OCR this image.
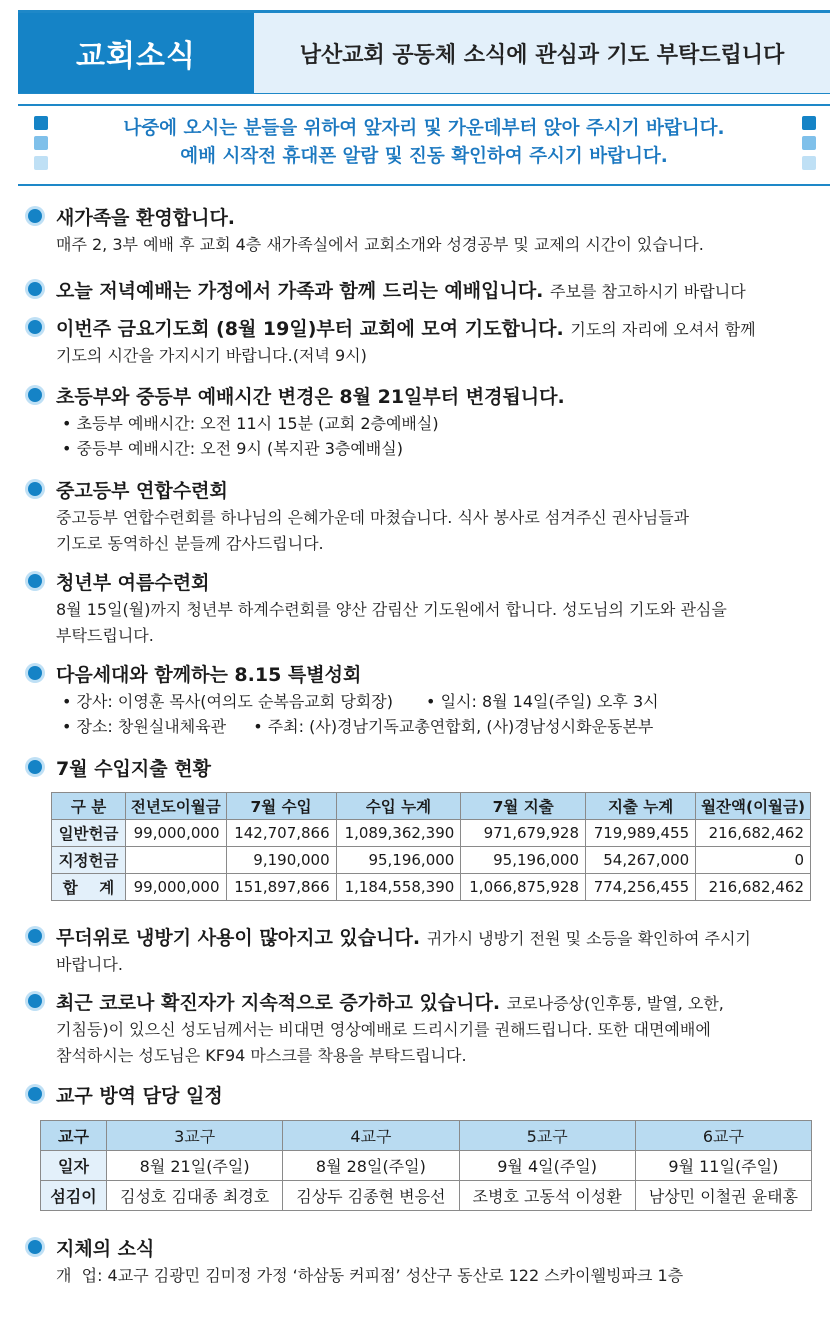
교회소식	남산교회 공동체 소식에 관심과 기도 부탁드립니다
나중에 오시는 분들을 위하여 앞자리 및 가운데부터 앉아 주시기 바랍니다.
예배 시작전 휴대폰 알람 및 진동 확인하여 주시기 바랍니다.
새가족을 환영합니다.
매주 2, 3부 예배 후 교회 4층 새가족실에서 교회소개와 성경공부 및 교제의 시간이 있습니다.
오늘 저녁예배는 가정에서 가족과 함께 드리는 예배입니다. 주보를 참고하시기 바랍니다
이번주 금요기도회 (8월 19일)부터 교회에 모여 기도합니다. 기도의 자리에 오셔서 함께
기도의 시간을 가지시기 바랍니다.(저녁 9시)
초등부와 중등부 예배시간 변경은 8월 21일부터 변경됩니다.
• 초등부 예배시간: 오전 11시 15분 (교회 2층예배실)
• 중등부 예배시간: 오전 9시 (복지관 3층예배실)
중고등부 연합수련회
중고등부 연합수련회를 하나님의 은혜가운데 마쳤습니다. 식사 봉사로 섬겨주신 권사님들과
기도로 동역하신 분들께 감사드립니다.
청년부 여름수련회
8월 15일(월)까지 청년부 하계수련회를 양산 감림산 기도원에서 합니다. 성도님의 기도와 관심을
부탁드립니다.
다음세대와 함께하는 8.15 특별성회
• 강사: 이영훈 목사(여의도 순복음교회 당회장) • 일시: 8월 14일(주일) 오후 3시
• 장소: 창원실내체육관 • 주최: (사)경남기독교총연합회, (사)경남성시화운동본부
7월 수입지출 현황
구 분	전년도이월금	7월 수입	수입 누계	7월 지출	지출 누계	월잔액(이월금)
일반헌금	99,000,000	142,707,866	1,089,362,390	971,679,928	719,989,455	216,682,462
지정헌금		9,190,000	95,196,000	95,196,000	54,267,000	0
합    계	99,000,000	151,897,866	1,184,558,390	1,066,875,928	774,256,455	216,682,462
무더위로 냉방기 사용이 많아지고 있습니다. 귀가시 냉방기 전원 및 소등을 확인하여 주시기
바랍니다.
최근 코로나 확진자가 지속적으로 증가하고 있습니다. 코로나증상(인후통, 발열, 오한,
기침등)이 있으신 성도님께서는 비대면 영상예배로 드리시기를 권해드립니다. 또한 대면예배에
참석하시는 성도님은 KF94 마스크를 착용을 부탁드립니다.
교구 방역 담당 일정
교구	3교구	4교구	5교구	6교구
일자	8월 21일(주일)	8월 28일(주일)	9월 4일(주일)	9월 11일(주일)
섬김이	김성호 김대종 최경호	김상두 김종현 변응선	조병호 고동석 이성환	남상민 이철권 윤태홍
지체의 소식
개  업: 4교구 김광민 김미정 가정 ‘하삼동 커피점’ 성산구 동산로 122 스카이웰빙파크 1층
